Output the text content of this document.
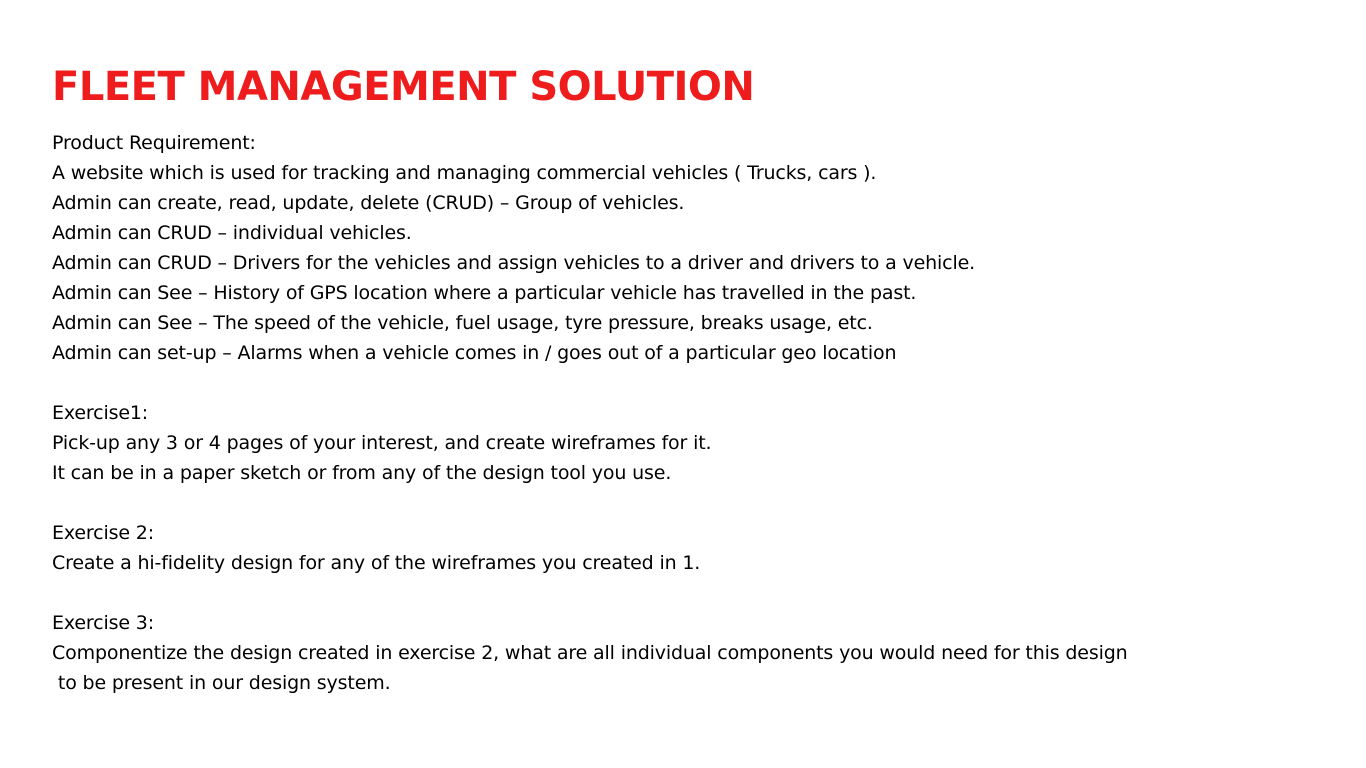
FLEET MANAGEMENT SOLUTION
Product Requirement:
A website which is used for tracking and managing commercial vehicles ( Trucks, cars ).
Admin can create, read, update, delete (CRUD) – Group of vehicles.
Admin can CRUD – individual vehicles.
Admin can CRUD – Drivers for the vehicles and assign vehicles to a driver and drivers to a vehicle.
Admin can See – History of GPS location where a particular vehicle has travelled in the past.
Admin can See – The speed of the vehicle, fuel usage, tyre pressure, breaks usage, etc.
Admin can set-up – Alarms when a vehicle comes in / goes out of a particular geo location
Exercise1:
Pick-up any 3 or 4 pages of your interest, and create wireframes for it.
It can be in a paper sketch or from any of the design tool you use.
Exercise 2:
Create a hi-fidelity design for any of the wireframes you created in 1.
Exercise 3:
Componentize the design created in exercise 2, what are all individual components you would need for this design
to be present in our design system.
